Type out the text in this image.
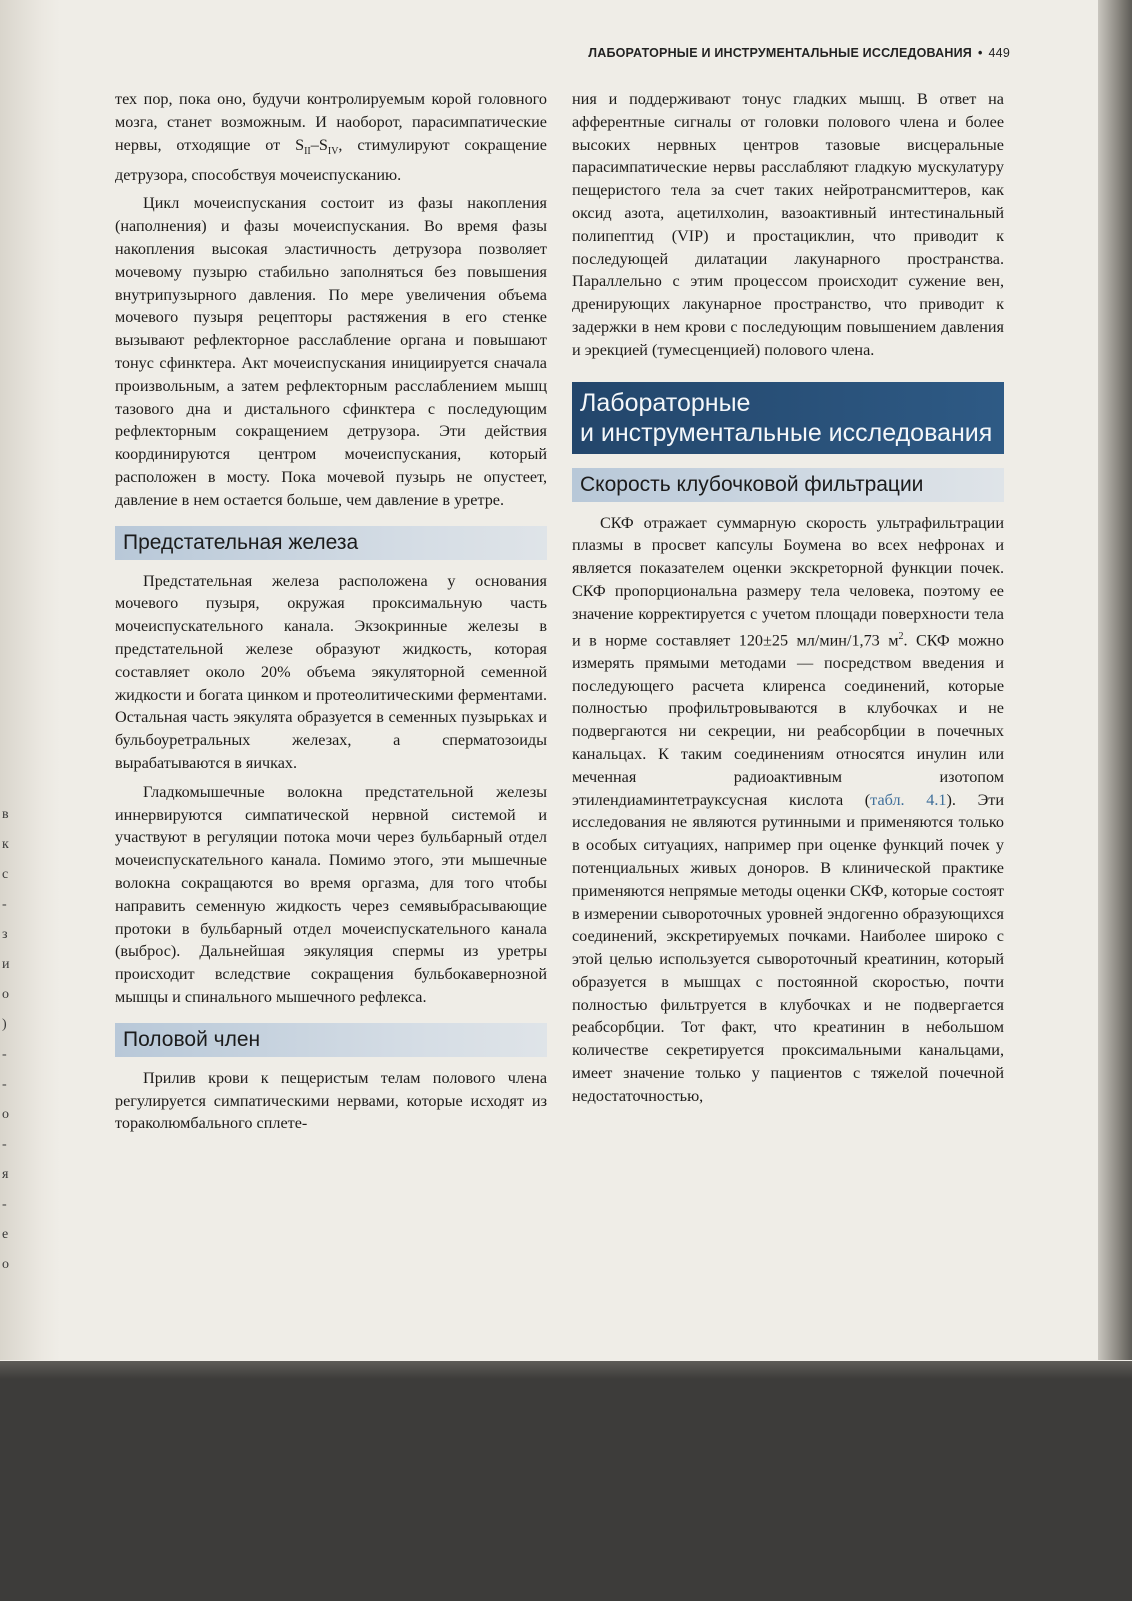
в
к
с
-
з
и
о
)
-
-
о
-
я
-
е
о
ЛАБОРАТОРНЫЕ И ИНСТРУМЕНТАЛЬНЫЕ ИССЛЕДОВАНИЯ • 449

тех пор, пока оно, будучи контролируемым корой головного мозга, станет возможным. И наоборот, парасимпатические нервы, отходящие от $S_{II}-S_{IV}$, стимулируют сокращение детрузора, способствуя мочеиспусканию.

Цикл мочеиспускания состоит из фазы накопления (наполнения) и фазы мочеиспускания. Во время фазы накопления высокая эластичность детрузора позволяет мочевому пузырю стабильно заполняться без повышения внутрипузырного давления. По мере увеличения объема мочевого пузыря рецепторы растяжения в его стенке вызывают рефлекторное расслабление органа и повышают тонус сфинктера. Акт мочеиспускания инициируется сначала произвольным, а затем рефлекторным расслаблением мышц тазового дна и дистального сфинктера с последующим рефлекторным сокращением детрузора. Эти действия координируются центром мочеиспускания, который расположен в мосту. Пока мочевой пузырь не опустеет, давление в нем остается больше, чем давление в уретре.

Предстательная железа

Предстательная железа расположена у основания мочевого пузыря, окружая проксимальную часть мочеиспускательного канала. Экзокринные железы в предстательной железе образуют жидкость, которая составляет около 20% объема эякуляторной семенной жидкости и богата цинком и протеолитическими ферментами. Остальная часть эякулята образуется в семенных пузырьках и бульбоуретральных железах, а сперматозоиды вырабатываются в яичках.

Гладкомышечные волокна предстательной железы иннервируются симпатической нервной системой и участвуют в регуляции потока мочи через бульбарный отдел мочеиспускательного канала. Помимо этого, эти мышечные волокна сокращаются во время оргазма, для того чтобы направить семенную жидкость через семявыбрасывающие протоки в бульбарный отдел мочеиспускательного канала (выброс). Дальнейшая эякуляция спермы из уретры происходит вследствие сокращения бульбокавернозной мышцы и спинального мышечного рефлекса.

Половой член

Прилив крови к пещеристым телам полового члена регулируется симпатическими нервами, которые исходят из тораколюмбального сплете-

ния и поддерживают тонус гладких мышц. В ответ на афферентные сигналы от головки полового члена и более высоких нервных центров тазовые висцеральные парасимпатические нервы расслабляют гладкую мускулатуру пещеристого тела за счет таких нейротрансмиттеров, как оксид азота, ацетилхолин, вазоактивный интестинальный полипептид (VIP) и простациклин, что приводит к последующей дилатации лакунарного пространства. Параллельно с этим процессом происходит сужение вен, дренирующих лакунарное пространство, что приводит к задержки в нем крови с последующим повышением давления и эрекцией (тумесценцией) полового члена.

Лабораторные
и инструментальные исследования
Скорость клубочковой фильтрации

СКФ отражает суммарную скорость ультрафильтрации плазмы в просвет капсулы Боумена во всех нефронах и является показателем оценки экскреторной функции почек. СКФ пропорциональна размеру тела человека, поэтому ее значение корректируется с учетом площади поверхности тела и в норме составляет 120±25 мл/мин/1,73 $м^2$. СКФ можно измерять прямыми методами — посредством введения и последующего расчета клиренса соединений, которые полностью профильтровываются в клубочках и не подвергаются ни секреции, ни реабсорбции в почечных канальцах. К таким соединениям относятся инулин или меченная радиоактивным изотопом этилендиаминтетрауксусная кислота (табл. 4.1). Эти исследования не являются рутинными и применяются только в особых ситуациях, например при оценке функций почек у потенциальных живых доноров. В клинической практике применяются непрямые методы оценки СКФ, которые состоят в измерении сывороточных уровней эндогенно образующихся соединений, экскретируемых почками. Наиболее широко с этой целью используется сывороточный креатинин, который образуется в мышцах с постоянной скоростью, почти полностью фильтруется в клубочках и не подвергается реабсорбции. Тот факт, что креатинин в небольшом количестве секретируется проксимальными канальцами, имеет значение только у пациентов с тяжелой почечной недостаточностью,
